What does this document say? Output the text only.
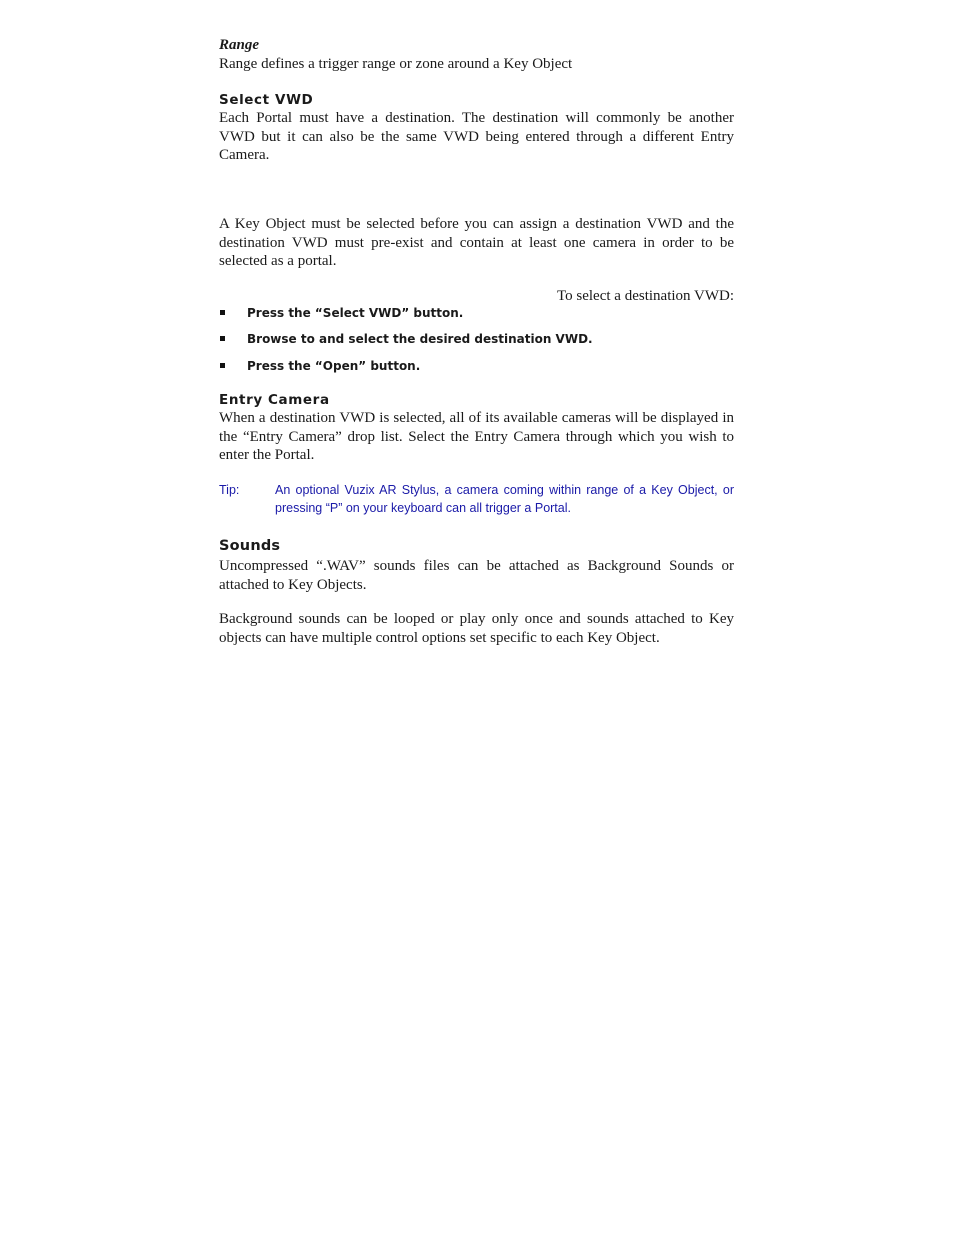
Range

Range defines a trigger range or zone around a Key Object

Select VWD

Each Portal must have a destination. The destination will commonly be another VWD but it can also be the same VWD being entered through a different Entry Camera.

A Key Object must be selected before you can assign a destination VWD and the destination VWD must pre-exist and contain at least one camera in order to be selected as a portal.

To select a destination VWD:

Press the “Select VWD” button.
Browse to and select the desired destination VWD.
Press the “Open” button.
Entry Camera

When a destination VWD is selected, all of its available cameras will be displayed in the “Entry Camera” drop list. Select the Entry Camera through which you wish to enter the Portal.

Tip:	An optional Vuzix AR Stylus, a camera coming within range of a Key Object, or pressing “P” on your keyboard can all trigger a Portal.
Sounds

Uncompressed “.WAV” sounds files can be attached as Background Sounds or attached to Key Objects.

Background sounds can be looped or play only once and sounds attached to Key objects can have multiple control options set specific to each Key Object.
